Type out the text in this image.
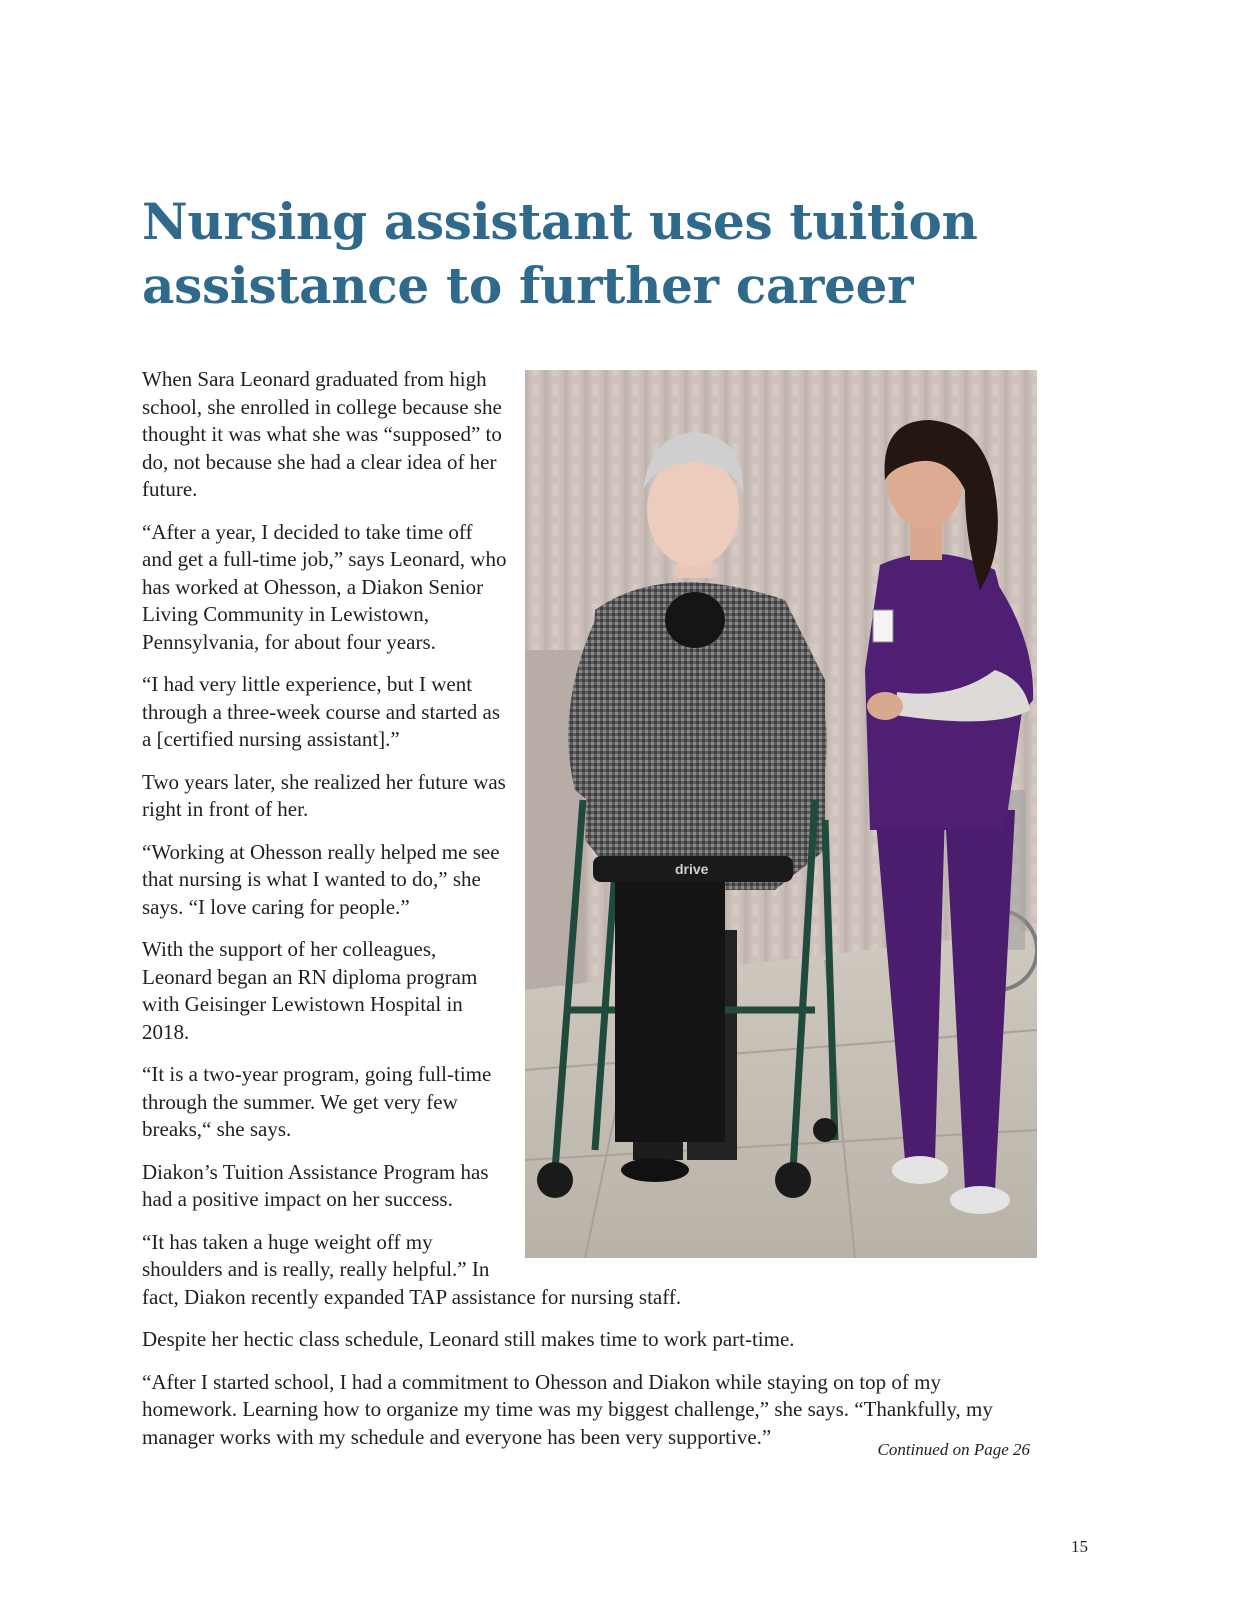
Nursing assistant uses tuition assistance to further career
drive

When Sara Leonard graduated from high school, she enrolled in college because she thought it was what she was “supposed” to do, not because she had a clear idea of her future.

“After a year, I decided to take time off and get a full-time job,” says Leonard, who has worked at Ohesson, a Diakon Senior Living Community in Lewistown, Pennsylvania, for about four years.

“I had very little experience, but I went through a three-week course and started as a [certified nursing assistant].”

Two years later, she realized her future was right in front of her.

“Working at Ohesson really helped me see that nursing is what I wanted to do,” she says. “I love caring for people.”

With the support of her colleagues, Leonard began an RN diploma program with Geisinger Lewistown Hospital in 2018.

“It is a two-year program, going full-time through the summer. We get very few breaks,“ she says.

Diakon’s Tuition Assistance Program has had a positive impact on her success.

“It has taken a huge weight off my shoulders and is really, really helpful.” In fact, Diakon recently expanded TAP assistance for nursing staff.

Despite her hectic class schedule, Leonard still makes time to work part-time.

“After I started school, I had a commitment to Ohesson and Diakon while staying on top of my homework. Learning how to organize my time was my biggest challenge,” she says. “Thankfully, my manager works with my schedule and everyone has been very supportive.”

Continued on Page 26
15
